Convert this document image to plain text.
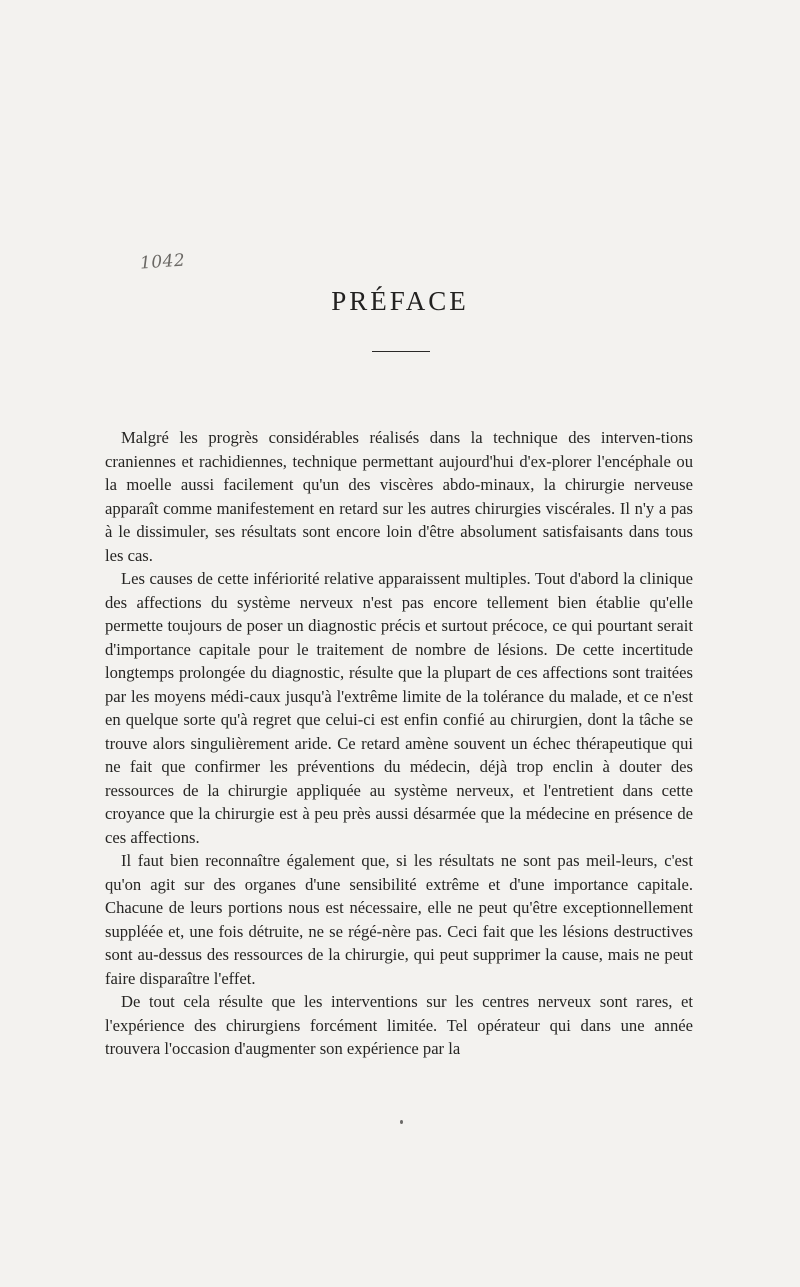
1042
PRÉFACE

Malgré les progrès considérables réalisés dans la technique des interven-tions craniennes et rachidiennes, technique permettant aujourd'hui d'ex-plorer l'encéphale ou la moelle aussi facilement qu'un des viscères abdo-minaux, la chirurgie nerveuse apparaît comme manifestement en retard sur les autres chirurgies viscérales. Il n'y a pas à le dissimuler, ses résultats sont encore loin d'être absolument satisfaisants dans tous les cas.

Les causes de cette infériorité relative apparaissent multiples. Tout d'abord la clinique des affections du système nerveux n'est pas encore tellement bien établie qu'elle permette toujours de poser un diagnostic précis et surtout précoce, ce qui pourtant serait d'importance capitale pour le traitement de nombre de lésions. De cette incertitude longtemps prolongée du diagnostic, résulte que la plupart de ces affections sont traitées par les moyens médi-caux jusqu'à l'extrême limite de la tolérance du malade, et ce n'est en quelque sorte qu'à regret que celui-ci est enfin confié au chirurgien, dont la tâche se trouve alors singulièrement aride. Ce retard amène souvent un échec thérapeutique qui ne fait que confirmer les préventions du médecin, déjà trop enclin à douter des ressources de la chirurgie appliquée au système nerveux, et l'entretient dans cette croyance que la chirurgie est à peu près aussi désarmée que la médecine en présence de ces affections.

Il faut bien reconnaître également que, si les résultats ne sont pas meil-leurs, c'est qu'on agit sur des organes d'une sensibilité extrême et d'une importance capitale. Chacune de leurs portions nous est nécessaire, elle ne peut qu'être exceptionnellement suppléée et, une fois détruite, ne se régé-nère pas. Ceci fait que les lésions destructives sont au-dessus des ressources de la chirurgie, qui peut supprimer la cause, mais ne peut faire disparaître l'effet.

De tout cela résulte que les interventions sur les centres nerveux sont rares, et l'expérience des chirurgiens forcément limitée. Tel opérateur qui dans une année trouvera l'occasion d'augmenter son expérience par la
